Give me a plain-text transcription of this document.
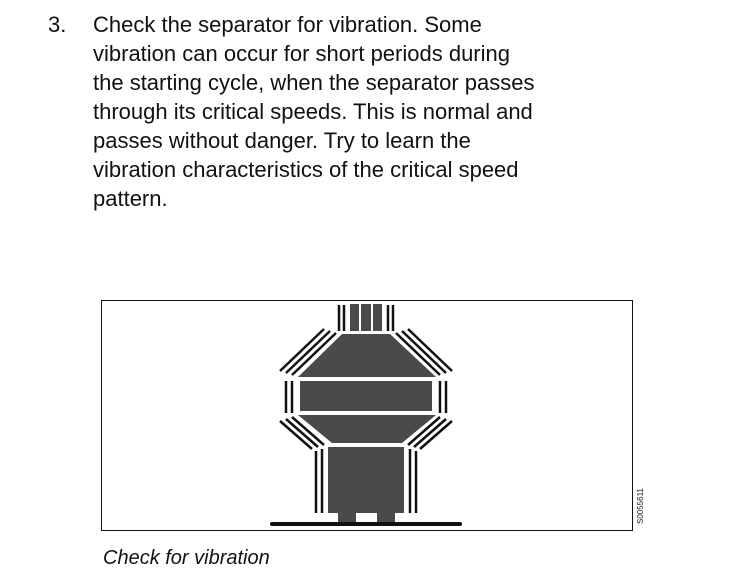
3. Check the separator for vibration. Some
vibration can occur for short periods during
the starting cycle, when the separator passes
through its critical speeds. This is normal and
passes without danger. Try to learn the
vibration characteristics of the critical speed
pattern.
S0055611
Check for vibration
